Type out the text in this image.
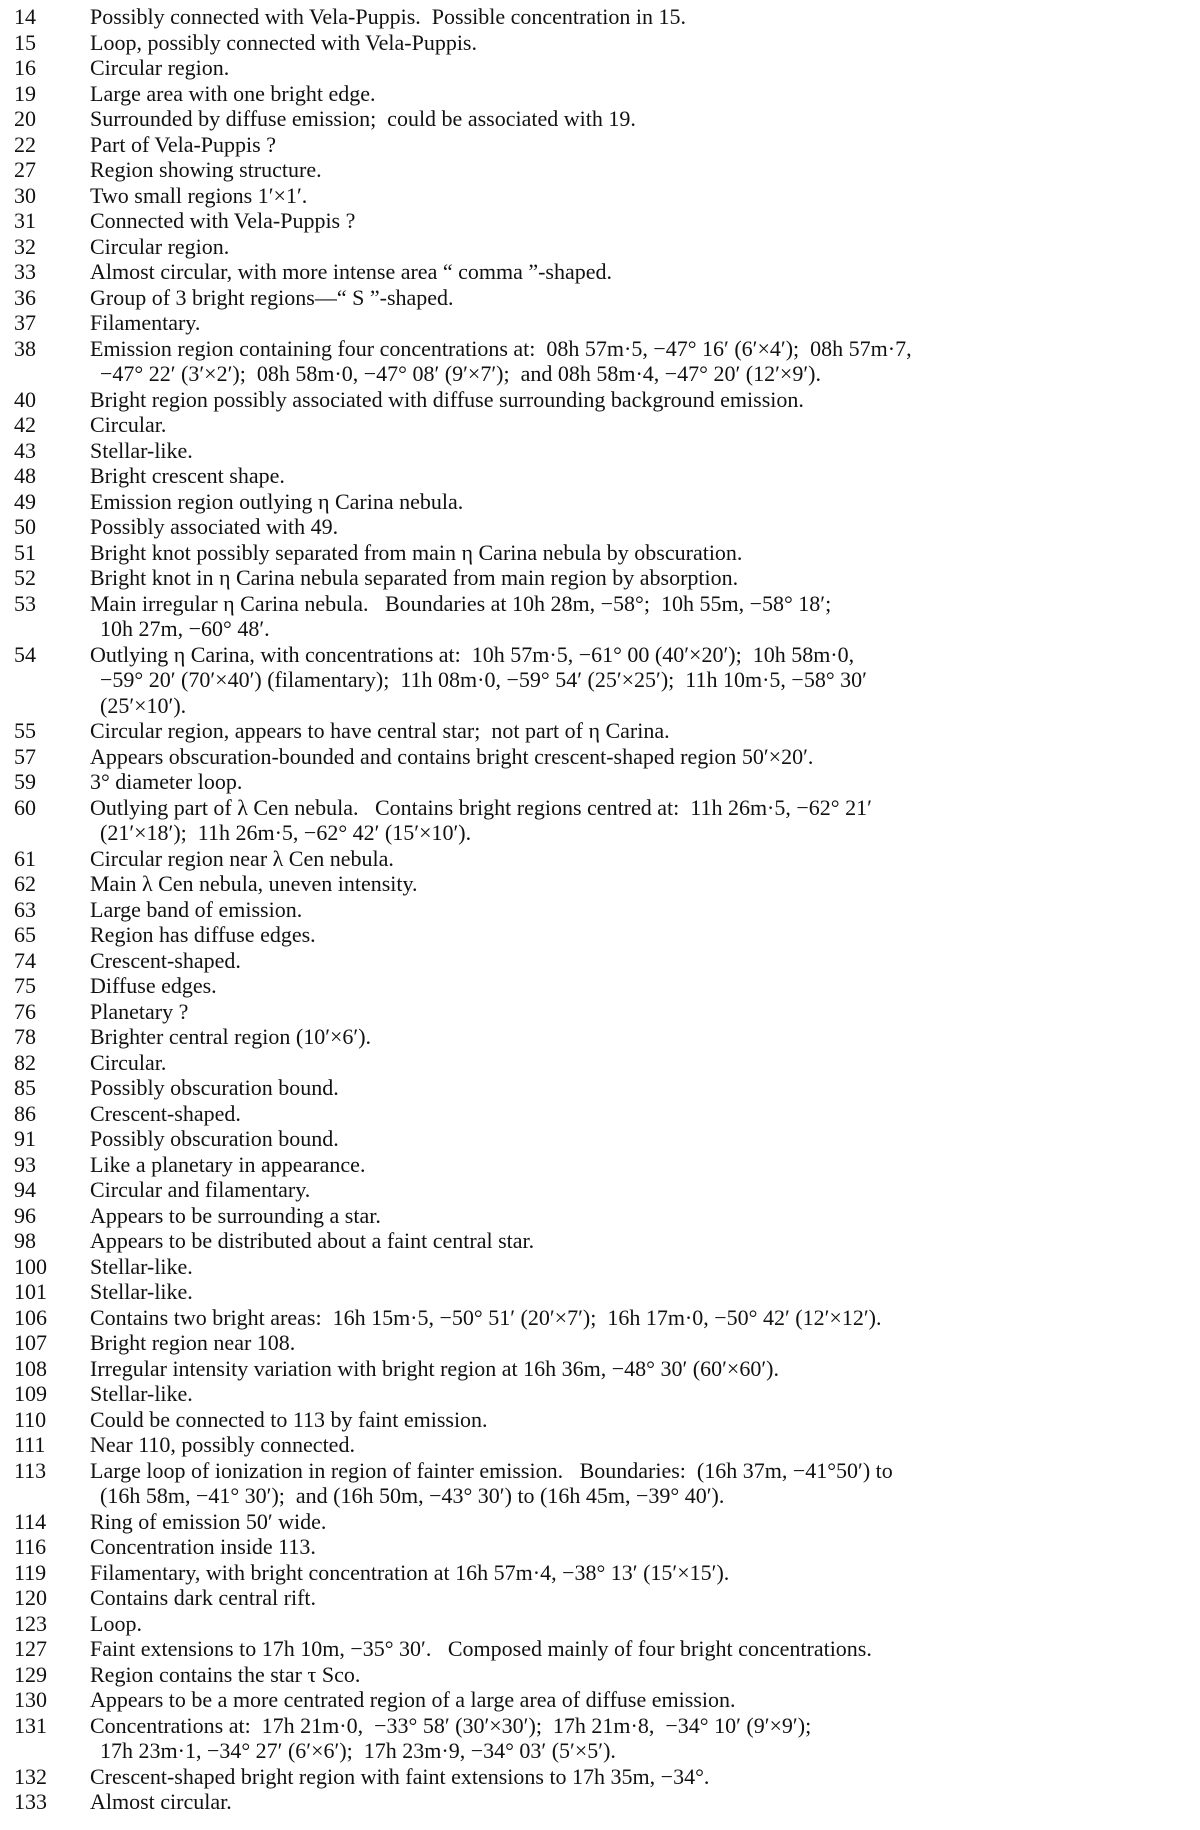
14	Possibly connected with Vela-Puppis.  Possible concentration in 15.
15	Loop, possibly connected with Vela-Puppis.
16	Circular region.
19	Large area with one bright edge.
20	Surrounded by diffuse emission;  could be associated with 19.
22	Part of Vela-Puppis ?
27	Region showing structure.
30	Two small regions 1′×1′.
31	Connected with Vela-Puppis ?
32	Circular region.
33	Almost circular, with more intense area “ comma ”-shaped.
36	Group of 3 bright regions—“ S ”-shaped.
37	Filamentary.
38	Emission region containing four concentrations at:  08h 57m·5, −47° 16′ (6′×4′);  08h 57m·7,
−47° 22′ (3′×2′);  08h 58m·0, −47° 08′ (9′×7′);  and 08h 58m·4, −47° 20′ (12′×9′).
40	Bright region possibly associated with diffuse surrounding background emission.
42	Circular.
43	Stellar-like.
48	Bright crescent shape.
49	Emission region outlying η Carina nebula.
50	Possibly associated with 49.
51	Bright knot possibly separated from main η Carina nebula by obscuration.
52	Bright knot in η Carina nebula separated from main region by absorption.
53	Main irregular η Carina nebula.   Boundaries at 10h 28m, −58°;  10h 55m, −58° 18′;
10h 27m, −60° 48′.
54	Outlying η Carina, with concentrations at:  10h 57m·5, −61° 00 (40′×20′);  10h 58m·0,
−59° 20′ (70′×40′) (filamentary);  11h 08m·0, −59° 54′ (25′×25′);  11h 10m·5, −58° 30′
(25′×10′).
55	Circular region, appears to have central star;  not part of η Carina.
57	Appears obscuration-bounded and contains bright crescent-shaped region 50′×20′.
59	3° diameter loop.
60	Outlying part of λ Cen nebula.   Contains bright regions centred at:  11h 26m·5, −62° 21′
(21′×18′);  11h 26m·5, −62° 42′ (15′×10′).
61	Circular region near λ Cen nebula.
62	Main λ Cen nebula, uneven intensity.
63	Large band of emission.
65	Region has diffuse edges.
74	Crescent-shaped.
75	Diffuse edges.
76	Planetary ?
78	Brighter central region (10′×6′).
82	Circular.
85	Possibly obscuration bound.
86	Crescent-shaped.
91	Possibly obscuration bound.
93	Like a planetary in appearance.
94	Circular and filamentary.
96	Appears to be surrounding a star.
98	Appears to be distributed about a faint central star.
100	Stellar-like.
101	Stellar-like.
106	Contains two bright areas:  16h 15m·5, −50° 51′ (20′×7′);  16h 17m·0, −50° 42′ (12′×12′).
107	Bright region near 108.
108	Irregular intensity variation with bright region at 16h 36m, −48° 30′ (60′×60′).
109	Stellar-like.
110	Could be connected to 113 by faint emission.
111	Near 110, possibly connected.
113	Large loop of ionization in region of fainter emission.   Boundaries:  (16h 37m, −41°50′) to
(16h 58m, −41° 30′);  and (16h 50m, −43° 30′) to (16h 45m, −39° 40′).
114	Ring of emission 50′ wide.
116	Concentration inside 113.
119	Filamentary, with bright concentration at 16h 57m·4, −38° 13′ (15′×15′).
120	Contains dark central rift.
123	Loop.
127	Faint extensions to 17h 10m, −35° 30′.   Composed mainly of four bright concentrations.
129	Region contains the star τ Sco.
130	Appears to be a more centrated region of a large area of diffuse emission.
131	Concentrations at:  17h 21m·0,  −33° 58′ (30′×30′);  17h 21m·8,  −34° 10′ (9′×9′);
17h 23m·1, −34° 27′ (6′×6′);  17h 23m·9, −34° 03′ (5′×5′).
132	Crescent-shaped bright region with faint extensions to 17h 35m, −34°.
133	Almost circular.
